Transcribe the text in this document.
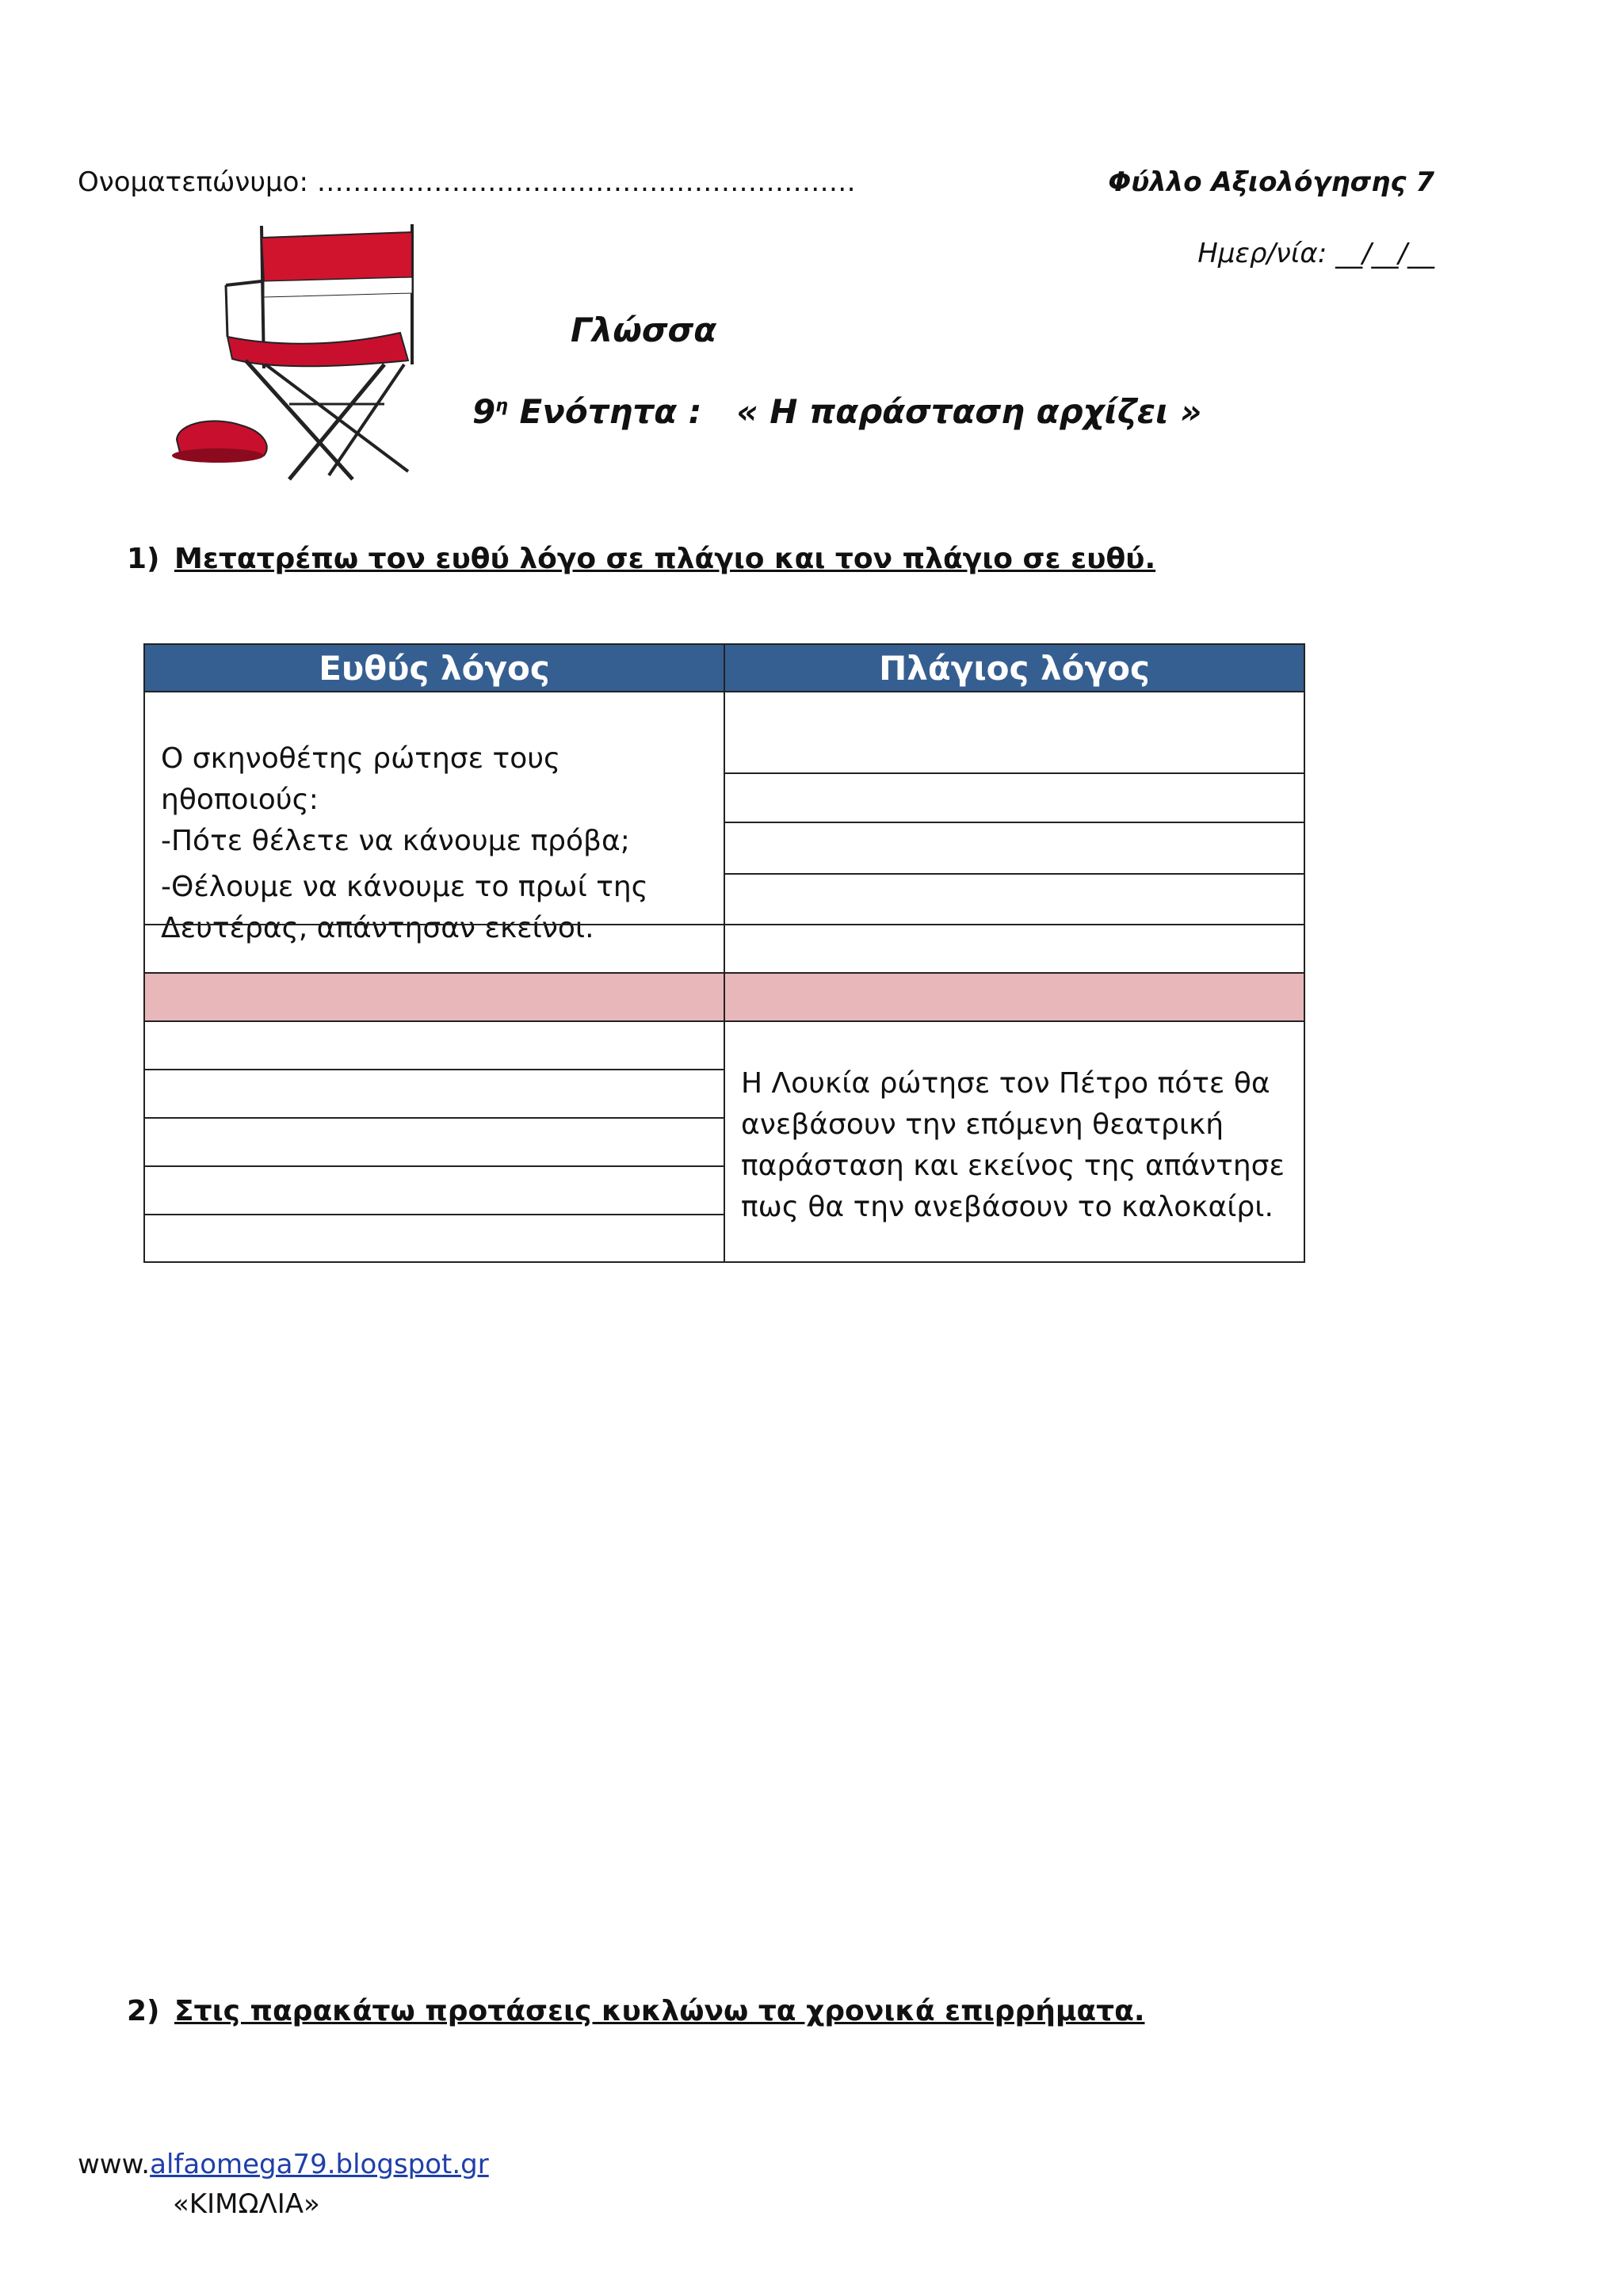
Ονοματεπώνυμο: ……………………………………………………	Φύλλο Αξιολόγησης 7
Ημερ/νία: __/__/__
Γλώσσα
$9^\eta$ Ενότητα :   « Η παράσταση αρχίζει »
1) Μετατρέπω τον ευθύ λόγο σε πλάγιο και τον πλάγιο σε ευθύ.
Ευθύς λόγος	Πλάγιος λόγος
Ο σκηνοθέτης ρώτησε τους ηθοποιούς:
-Πότε θέλετε να κάνουμε πρόβα;
-Θέλουμε να κάνουμε το πρωί της
Δευτέρας, απάντησαν εκείνοι.
Η Λουκία ρώτησε τον Πέτρο πότε θα
ανεβάσουν την επόμενη θεατρική
παράσταση και εκείνος της απάντησε
πως θα την ανεβάσουν το καλοκαίρι.
2) Στις παρακάτω προτάσεις κυκλώνω τα χρονικά επιρρήματα.
www.alfaomega79.blogspot.gr
«ΚΙΜΩΛΙΑ»
